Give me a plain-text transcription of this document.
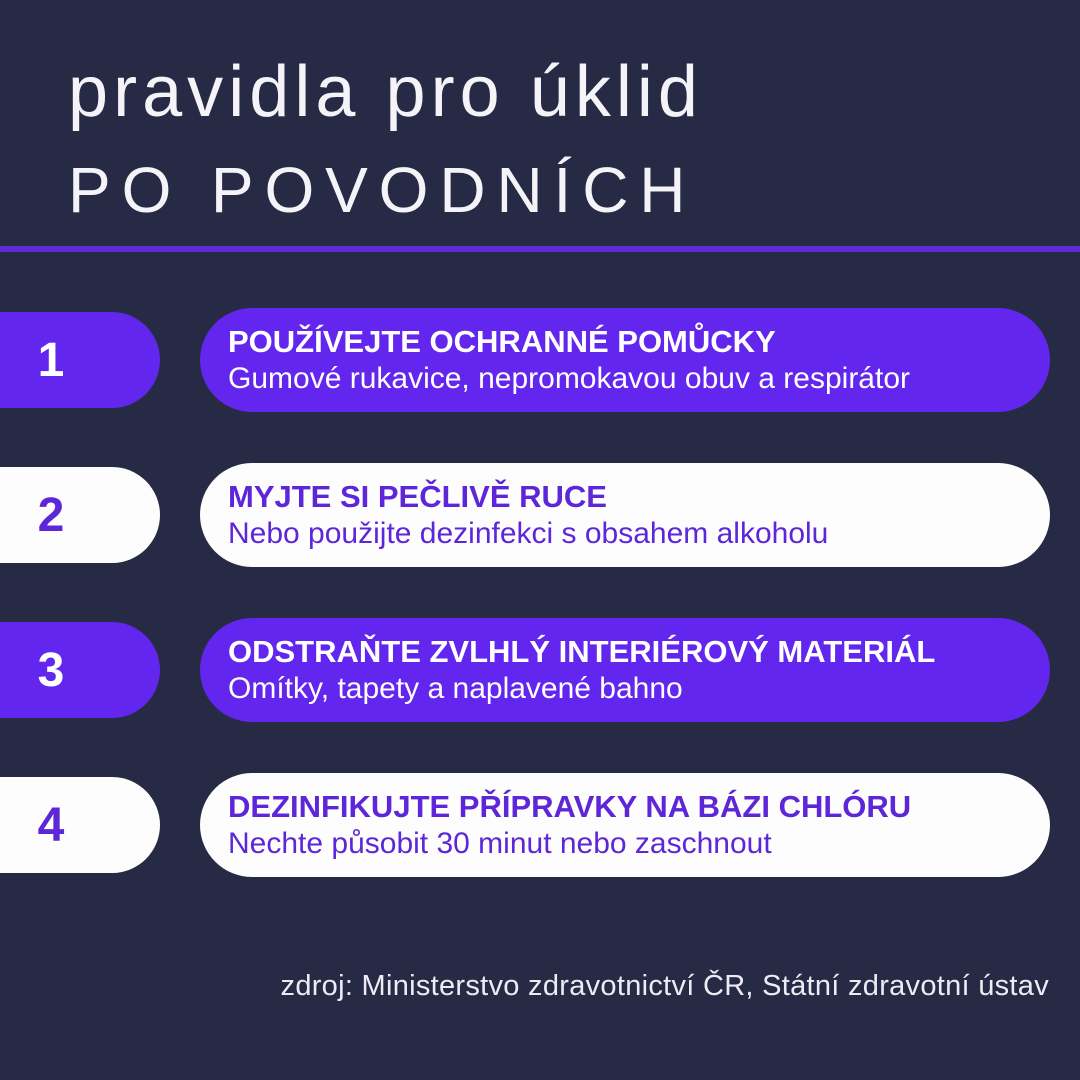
pravidla pro úklid
PO POVODNÍCH
1	POUŽÍVEJTE OCHRANNÉ POMŮCKY
Gumové rukavice, nepromokavou obuv a respirátor
2	MYJTE SI PEČLIVĚ RUCE
Nebo použijte dezinfekci s obsahem alkoholu
3	ODSTRAŇTE ZVLHLÝ INTERIÉROVÝ MATERIÁL
Omítky, tapety a naplavené bahno
4	DEZINFIKUJTE PŘÍPRAVKY NA BÁZI CHLÓRU
Nechte působit 30 minut nebo zaschnout
zdroj: Ministerstvo zdravotnictví ČR, Státní zdravotní ústav
